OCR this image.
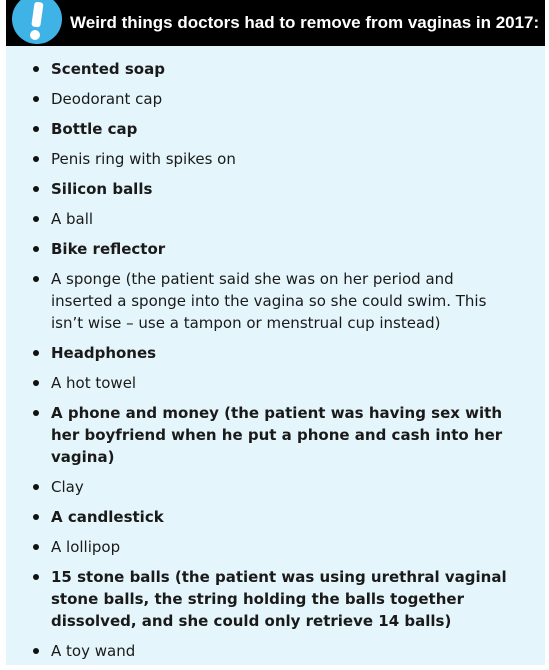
Weird things doctors had to remove from vaginas in 2017:
Scented soap
Deodorant cap
Bottle cap
Penis ring with spikes on
Silicon balls
A ball
Bike reflector
A sponge (the patient said she was on her period and inserted a sponge into the vagina so she could swim. This isn’t wise – use a tampon or menstrual cup instead)
Headphones
A hot towel
A phone and money (the patient was having sex with her boyfriend when he put a phone and cash into her vagina)
Clay
A candlestick
A lollipop
15 stone balls (the patient was using urethral vaginal stone balls, the string holding the balls together dissolved, and she could only retrieve 14 balls)
A toy wand
